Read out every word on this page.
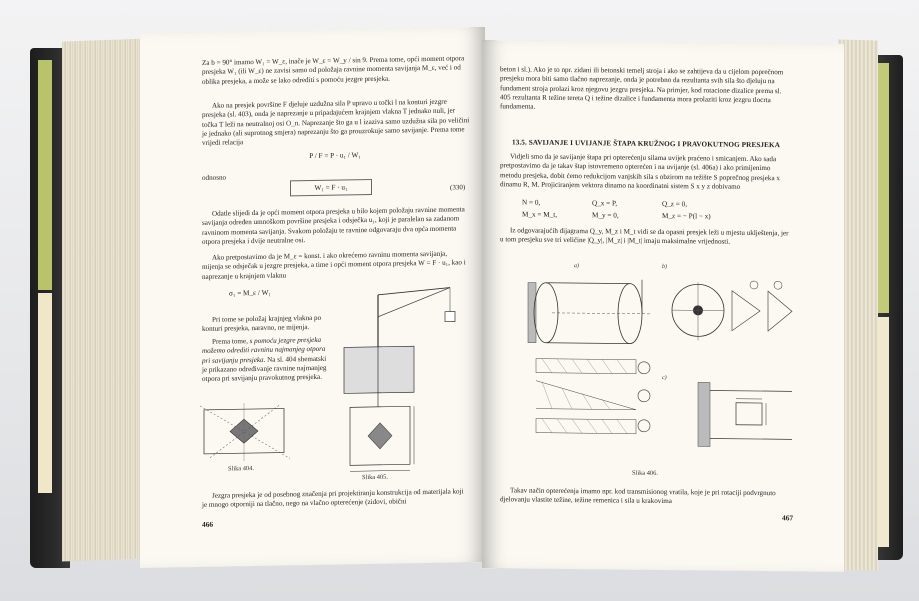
Za b = 90° imamo W₁ = W_ε, inače je W_ε = W_y / sin 9. Prema tome, opći moment otpora presjeka W₁ (ili W_ε) ne zavisi samo od položaja ravnine momenta savijanja M_ε, već i od oblika presjeka, a može se lako odrediti s pomoću jezgre presjeka.
Ako na presjek površine F djeluje uzdužna sila P upravo u točki l na konturi jezgre presjeka (sl. 403), onda je naprezanje u pripadajućem krajnjem vlakna T jednako nuli, jer točka T leži na neutralnoj osi O_n. Naprezanje što ga u l izaziva samo uzdužna sila po veličini je jednako (ali suprotnog smjera) naprezanju što ga prouzrokuje samo savijanje. Prema tome vrijedi relacija
P / F = P · u₁ / W₁
odnosno
W₁ = F · u₁	(330)
Odatle slijedi da je opći moment otpora presjeka u bilo kojem položaju ravnine momenta savijanja određen umnoškom površine presjeka i odsječka u₁, koji je paralelan sa zadanom ravninom momenta savijanja. Svakom položaju te ravnine odgovaraju dva opća momenta otpora presjeka i dvije neutralne osi.
Ako pretpostavimo da je M_ε = konst. i ako okrećemo ravninu momenta savijanja, mijenja se odsječak u jezgre presjeka, a time i opći moment otpora presjeka W = F · u₁, kao i naprezanje u krajnjem vlaknu
σ₁ = M_ε / W₁
Pri tome se položaj krajnjeg vlakna po konturi presjeka, naravno, ne mijenja.
Prema tome, s pomoću jezgre presjeka možemo odrediti ravninu najmanjeg otpora pri savijanju presjeka. Na sl. 404 shematski je prikazano određivanje ravnine najmanjeg otpora pri savijanju pravokutnog presjeka.
Slika 404.
Slika 405.
Jezgra presjeka je od posebnog značenja pri projektiranju konstrukcija od materijala koji je mnogo otporniji na tlačno, nego na vlačno opterećenje (zidovi, obični
466
beton i sl.). Ako je to npr. zidani ili betonski temelj stroja i ako se zahtijeva da u cijelom poprečnom presjeku mora biti samo tlačno naprezanje, onda je potrebno da rezultanta svih sila što djeluju na fundament stroja prolazi kroz njegovu jezgru presjeka. Na primjer, kod rotacione dizalice prema sl. 405 rezultanta R težine tereta Q i težine dizalice i fundamenta mora prolaziti kroz jezgru tlocrta fundamenta.
13.5. SAVIJANJE I UVIJANJE ŠTAPA KRUŽNOG I PRAVOKUTNOG PRESJEKA
Vidjeli smo da je savijanje štapa pri opterećenju silama uvijek praćeno i smicanjem. Ako sada pretpostavimo da je takav štap istovremeno opterećen i na uvijanje (sl. 406a) i ako primijenimo metodu presjeka, dobit ćemo redukcijom vanjskih sila s obzirom na težište S poprečnog presjeka x dinamu R, M. Projiciranjem vektora dinamo na koordinatni sistem S x y z dobivamo
N = 0,	Q_x = P,	Q_z = 0,
M_x = M_t,	M_y = 0,	M_z = − P(l − x)
Iz odgovarajućih dijagrama Q_y, M_z i M_t vidi se da opasni presjek leži u mjestu uklještenja, jer u tom presjeku sve tri veličine |Q_y|, |M_z| i |M_t| imaju maksimalne vrijednosti.
a)	b)
c)
Slika 406.
Takav način opterećenja imamo npr. kod transmisionog vratila, koje je pri rotaciji podvrgnuto djelovanju vlastite težine, težine remenica i sila u krakovima
467
